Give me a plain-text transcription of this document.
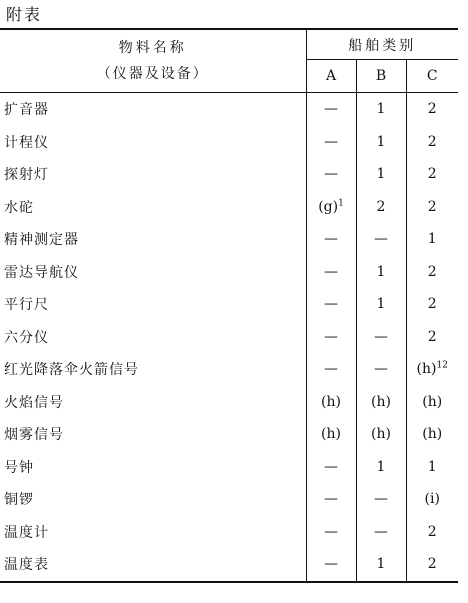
附表
物料名称
（仪器及设备）	船舶类别		
	A	B	C
扩音器	—	1	2
计程仪	—	1	2
探射灯	—	1	2
水砣	$(g)^1$	2	2
精神测定器	—	—	1
雷达导航仪	—	1	2
平行尺	—	1	2
六分仪	—	—	2
红光降落伞火箭信号	—	—	$(h)^{12}$
火焰信号	(h)	(h)	(h)
烟雾信号	(h)	(h)	(h)
号钟	—	1	1
铜锣	—	—	(i)
温度计	—	—	2
温度表	—	1	2
